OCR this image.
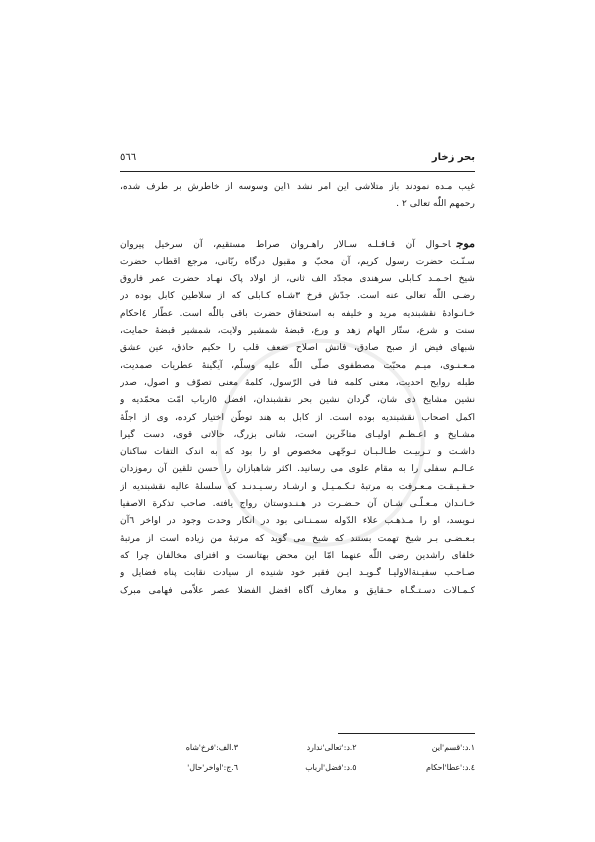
بحر زخار
٥٦٦

غیب مـده نمودند باز متلاشی این امر نشد ١این وسوسه از خاطرش بر طرف شده،
رحمهم اللّٰه تعالی ٢ .

موجاحـوال آن قـافـلـه سـالار راهـروان صراط مستقیم، آن سرخیل پیروان
سـنّـت حضرت رسول کریم، آن محبّ و مقبول درگاه ربّانی، مرجع اقطاب حضرت
شیخ احـمـد کـابلی سرهندی مجدّد الف ثانی، از اولاد پاک نهـاد حضرت عمر فاروق
رضـی اللّٰه تعالی عنه است. جدّش فرخ ٣شـاه کـابلی که از سلاطین کابل بوده در
خـانـوادهٔ نقشبندیه مرید و خلیفه به استحقاق حضرت باقی باللّٰه است. عطّار ٤احکام
سنت و شرع، ستّار الهام زهد و ورع، قبضهٔ شمشیر ولایت، شمشیر قبضهٔ حمایت،
شبهای فیض از صبح صادق، فاتش اصلاح ضعف قلب را حکیم حاذق، عین عشق
مـعـنـوی، میـم محبّت مصطفوی صلّی اللّٰه علیه وسلّم، آیگینهٔ عطریات صمدیت،
طبله روایح احدیت، معنی کلمه فنا فی الرّسول، کلمهٔ معنی تصوّف و اصول، صدر
نشین مشایخ ذی شان، گردان نشین بحر نقشبندان، افضل ٥ارباب امّت محمّدیه و
اکمل اصحاب نقشبندیه بوده است. از کابل به هند توطّن اختیار کرده، وی از اجلّهٔ
مشـایخ و اعـظـم اولیـای متاخّرین است، شانی بزرگ، حالاتی قوی، دست گیرا
داشـت و تـربیـت طـالـبـان تـوجّهی مخصوص او را بود که به اندک التفات ساکنان
عـالـم سفلی را به مقام علوی می رسانید. اکثر شاهبازان را حسن تلقین آن رموزدان
حـقـیـقـت مـعـرفت به مرتبهٔ تـکـمـیـل و ارشـاد رسـیـدنـد که سلسلهٔ عالیه نقشبندیه از
خـانـدان مـعـلّـی شـان آن حـضـرت در هـنـدوستان رواج یافته. صاحب تذکرة الاصفیا
نـویسد، او را مـذهـب علاء الدّوله سمـنـانی بود در انکار وحدت وجود در اواخر ٦آن
بـعـضـی بـر شیخ تهمت بستند که شیخ می گوید که مرتبهٔ من زیاده است از مرتبهٔ
خلفای راشدین رضی اللّٰه عنهما امّا این محض بهتانست و افترای مخالفان چرا که
صـاحـب سفیـنةالاولیـا گـویـد ایـن فقیر خود شنیده از سیادت نقابت پناه فضایل و
کـمـالات دسـتـگـاه حـقایق و معارف آگاه افضل الفضلا عصر علاّمی فهامی مبرک

١.د:'قسم'این
٢.د:'تعالی'ندارد
٣.الف:'فرخ'شاه
٤.د:'عطا'احکام
٥.د:'فضل'ارباب
٦.ج:'اواخر'حال'
